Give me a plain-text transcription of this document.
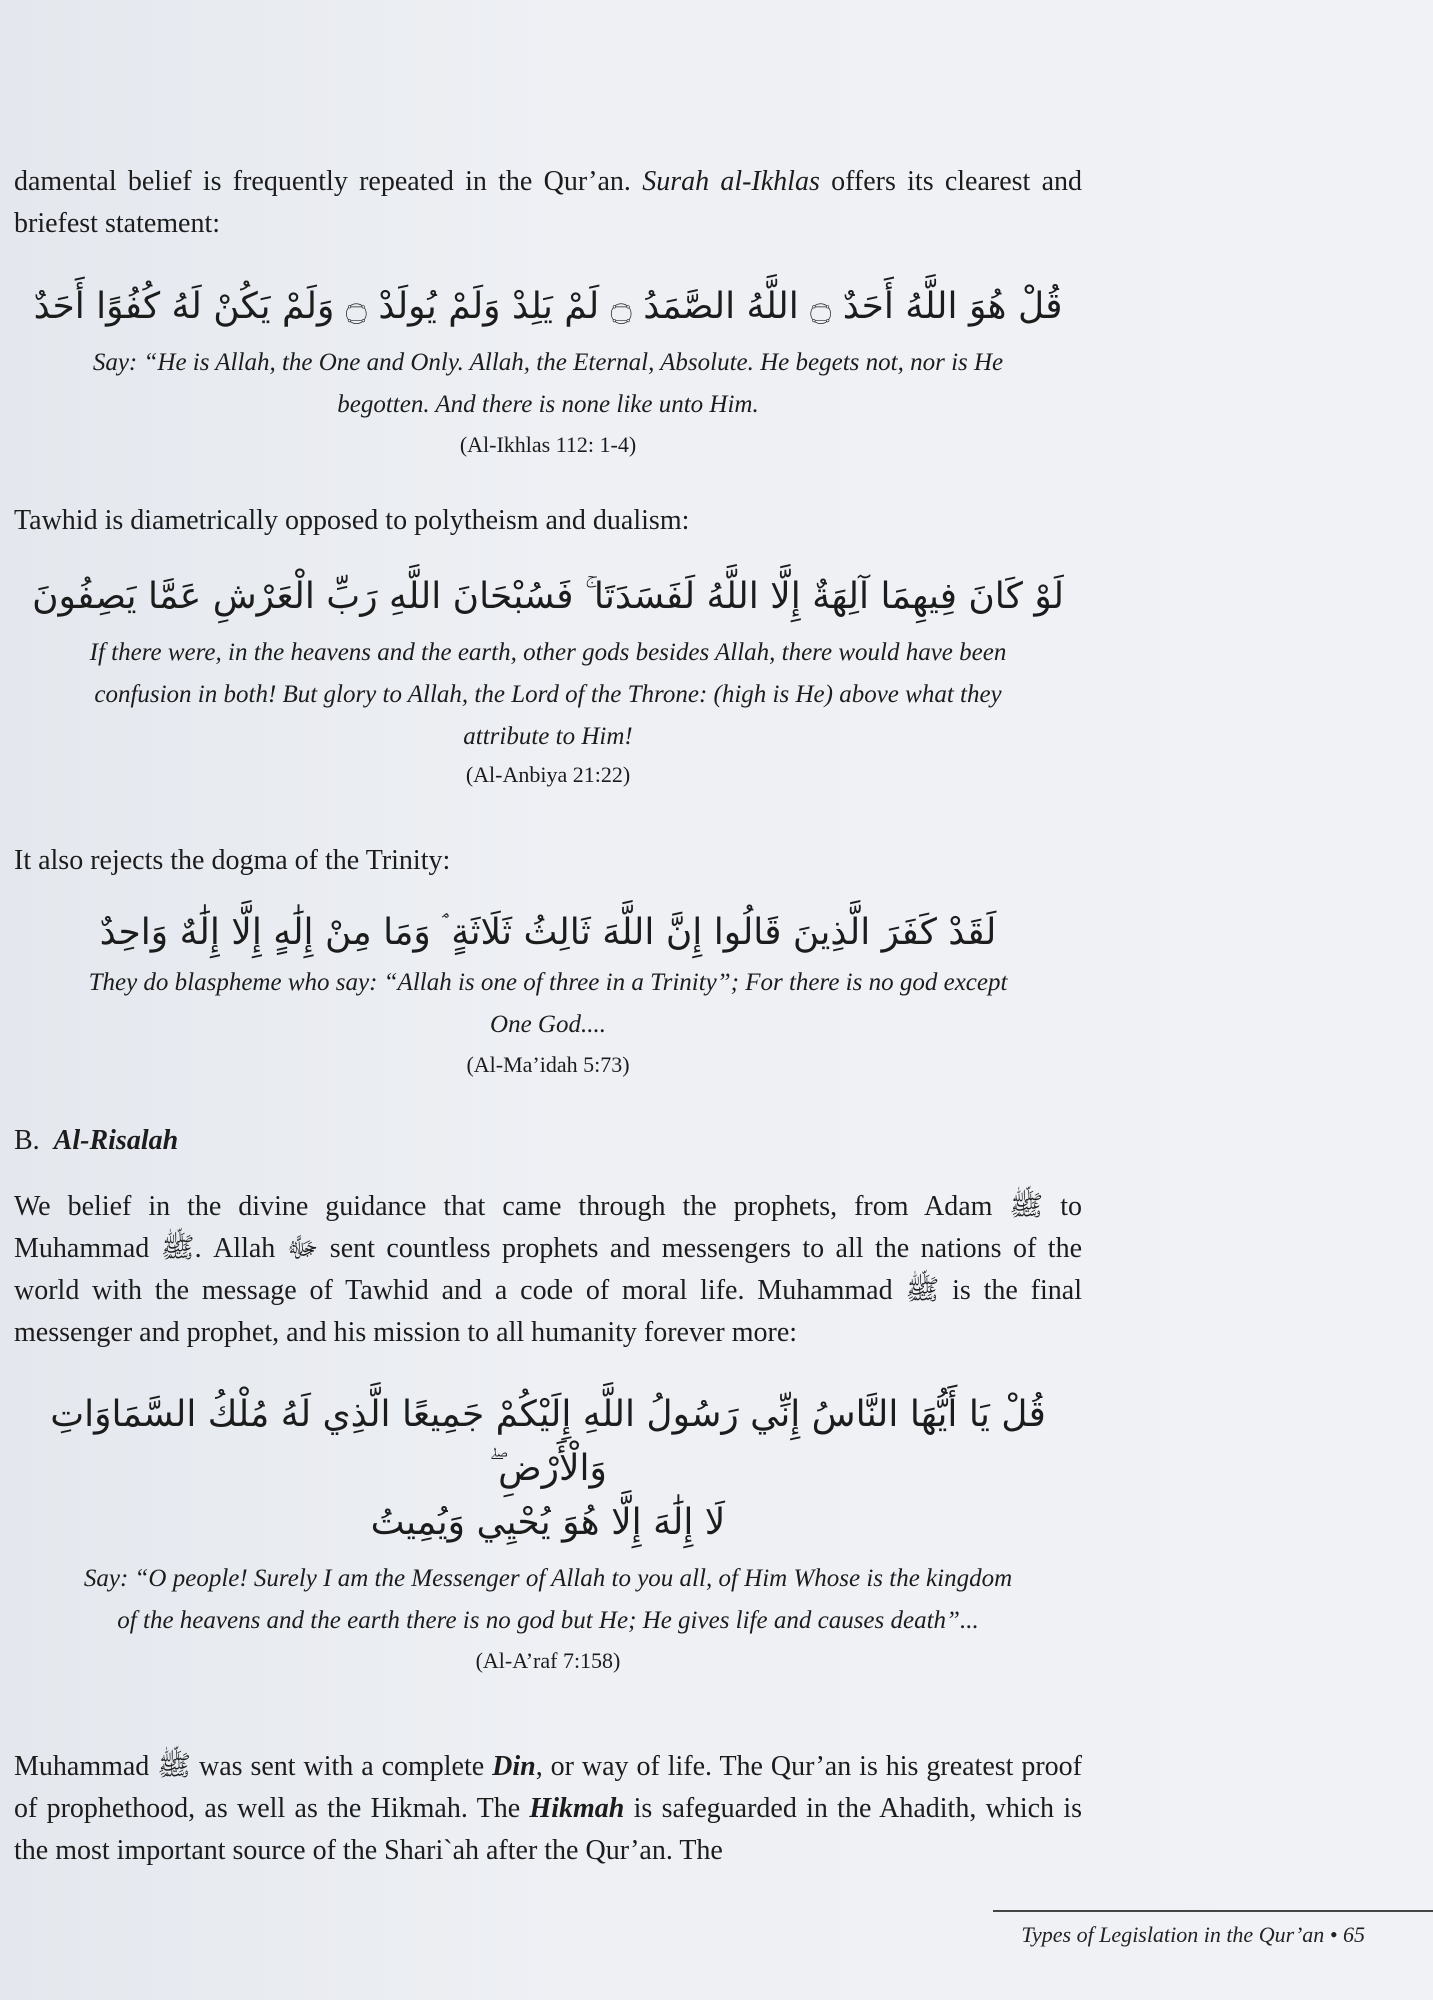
damental belief is frequently repeated in the Qur’an. Surah al-Ikhlas offers its clearest and briefest statement:

قُلْ هُوَ اللَّهُ أَحَدٌ ۝ اللَّهُ الصَّمَدُ ۝ لَمْ يَلِدْ وَلَمْ يُولَدْ ۝ وَلَمْ يَكُنْ لَهُ كُفُوًا أَحَدٌ

Say: “He is Allah, the One and Only. Allah, the Eternal, Absolute. He begets not, nor is He begotten. And there is none like unto Him.

(Al-Ikhlas 112: 1-4)

Tawhid is diametrically opposed to polytheism and dualism:

لَوْ كَانَ فِيهِمَا آلِهَةٌ إِلَّا اللَّهُ لَفَسَدَتَا ۚ فَسُبْحَانَ اللَّهِ رَبِّ الْعَرْشِ عَمَّا يَصِفُونَ

If there were, in the heavens and the earth, other gods besides Allah, there would have been confusion in both! But glory to Allah, the Lord of the Throne: (high is He) above what they attribute to Him!

(Al-Anbiya 21:22)

It also rejects the dogma of the Trinity:

لَقَدْ كَفَرَ الَّذِينَ قَالُوا إِنَّ اللَّهَ ثَالِثُ ثَلَاثَةٍ ۘ وَمَا مِنْ إِلَٰهٍ إِلَّا إِلَٰهٌ وَاحِدٌ

They do blaspheme who say: “Allah is one of three in a Trinity”; For there is no god except One God....

(Al-Ma’idah 5:73)

B. Al-Risalah

We belief in the divine guidance that came through the prophets, from Adam ﷺ to Muhammad ﷺ. Allah ﷻ sent countless prophets and messengers to all the nations of the world with the message of Tawhid and a code of moral life. Muhammad ﷺ is the final messenger and prophet, and his mission to all humanity forever more:

قُلْ يَا أَيُّهَا النَّاسُ إِنِّي رَسُولُ اللَّهِ إِلَيْكُمْ جَمِيعًا الَّذِي لَهُ مُلْكُ السَّمَاوَاتِ وَالْأَرْضِ ۖ

لَا إِلَٰهَ إِلَّا هُوَ يُحْيِي وَيُمِيتُ

Say: “O people! Surely I am the Messenger of Allah to you all, of Him Whose is the kingdom of the heavens and the earth there is no god but He; He gives life and causes death”...

(Al-A’raf 7:158)

Muhammad ﷺ was sent with a complete Din, or way of life. The Qur’an is his greatest proof of prophethood, as well as the Hikmah. The Hikmah is safeguarded in the Ahadith, which is the most important source of the Shari`ah after the Qur’an. The

Types of Legislation in the Qur’an • 65
